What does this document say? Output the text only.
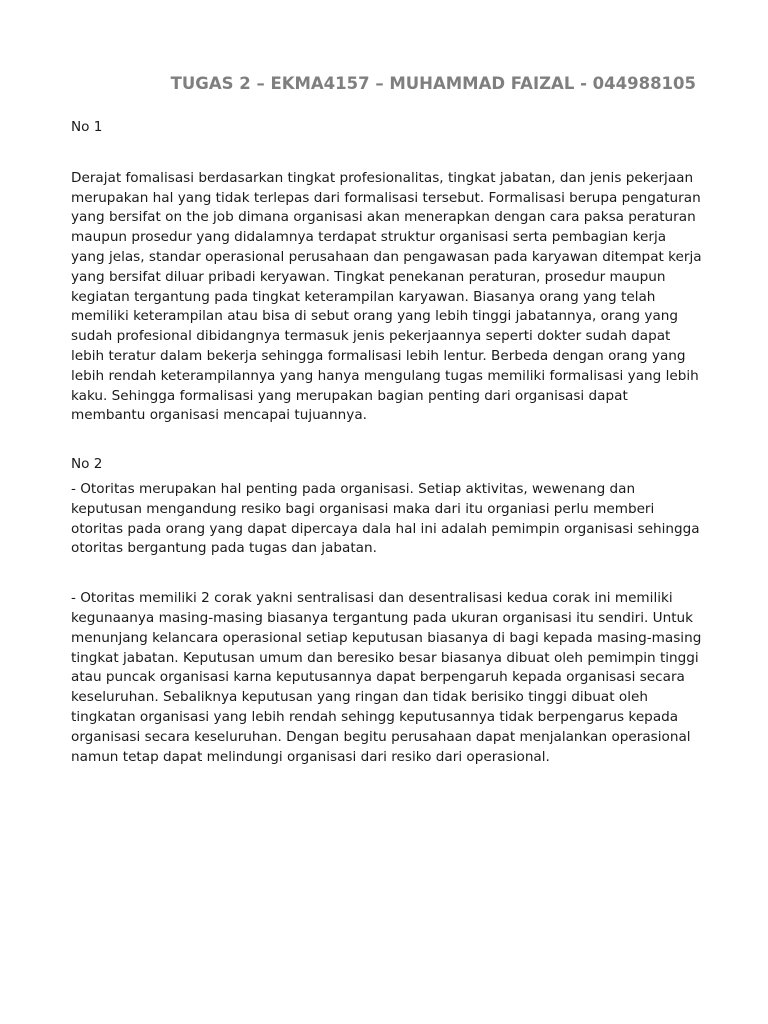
TUGAS 2 – EKMA4157 – MUHAMMAD FAIZAL - 044988105

No 1

Derajat fomalisasi berdasarkan tingkat profesionalitas, tingkat jabatan, dan jenis pekerjaan merupakan hal yang tidak terlepas dari formalisasi tersebut. Formalisasi berupa pengaturan yang bersifat on the job dimana organisasi akan menerapkan dengan cara paksa peraturan maupun prosedur yang didalamnya terdapat struktur organisasi serta pembagian kerja yang jelas, standar operasional perusahaan dan pengawasan pada karyawan ditempat kerja yang bersifat diluar pribadi keryawan. Tingkat penekanan peraturan, prosedur maupun kegiatan tergantung pada tingkat keterampilan karyawan. Biasanya orang yang telah memiliki keterampilan atau bisa di sebut orang yang lebih tinggi jabatannya, orang yang sudah profesional dibidangnya termasuk jenis pekerjaannya seperti dokter sudah dapat lebih teratur dalam bekerja sehingga formalisasi lebih lentur. Berbeda dengan orang yang lebih rendah keterampilannya yang hanya mengulang tugas memiliki formalisasi yang lebih kaku. Sehingga formalisasi yang merupakan bagian penting dari organisasi dapat membantu organisasi mencapai tujuannya.

No 2

- Otoritas merupakan hal penting pada organisasi. Setiap aktivitas, wewenang dan keputusan mengandung resiko bagi organisasi maka dari itu organiasi perlu memberi otoritas pada orang yang dapat dipercaya dala hal ini adalah pemimpin organisasi sehingga otoritas bergantung pada tugas dan jabatan.

- Otoritas memiliki 2 corak yakni sentralisasi dan desentralisasi kedua corak ini memiliki kegunaanya masing-masing biasanya tergantung pada ukuran organisasi itu sendiri. Untuk menunjang kelancara operasional setiap keputusan biasanya di bagi kepada masing-masing tingkat jabatan. Keputusan umum dan beresiko besar biasanya dibuat oleh pemimpin tinggi atau puncak organisasi karna keputusannya dapat berpengaruh kepada organisasi secara keseluruhan. Sebaliknya keputusan yang ringan dan tidak berisiko tinggi dibuat oleh tingkatan organisasi yang lebih rendah sehingg keputusannya tidak berpengarus kepada organisasi secara keseluruhan. Dengan begitu perusahaan dapat menjalankan operasional namun tetap dapat melindungi organisasi dari resiko dari operasional.
